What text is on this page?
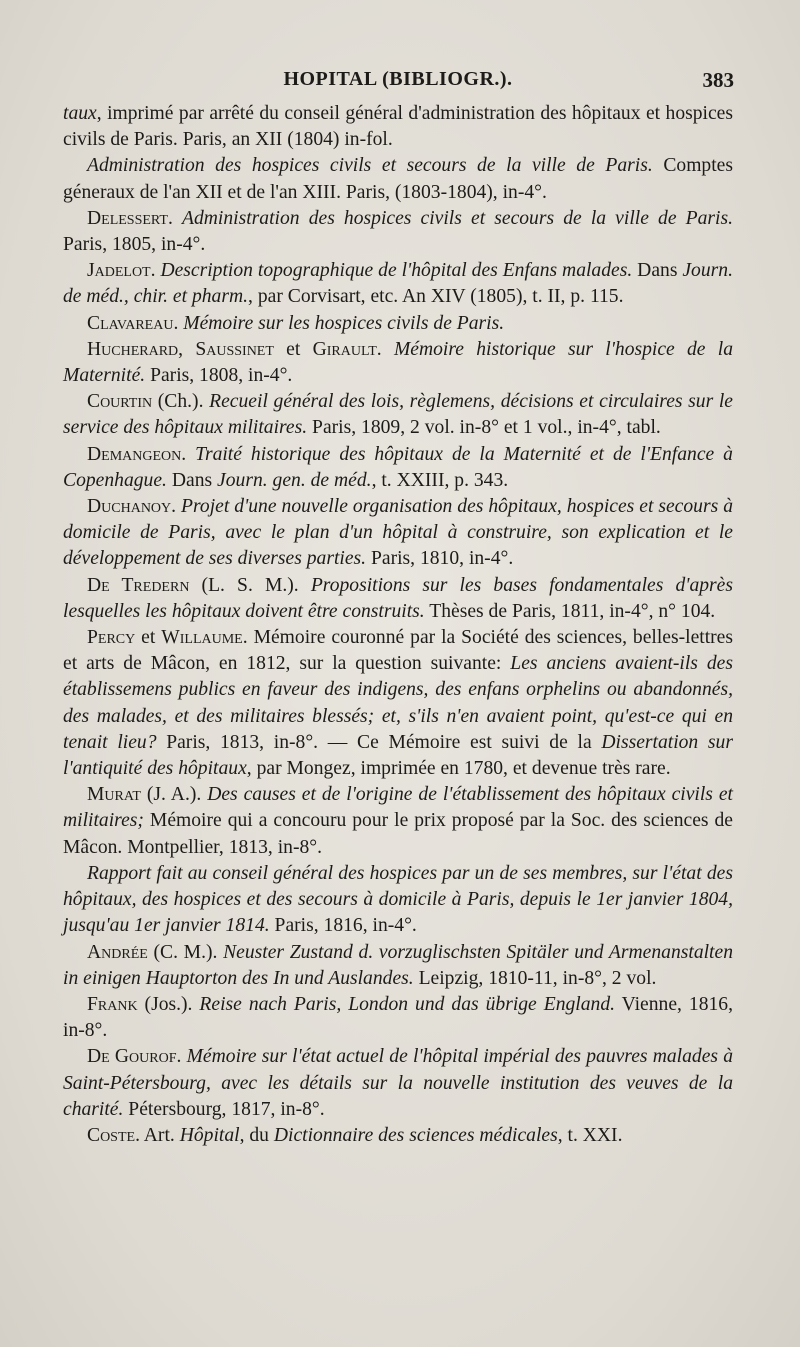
HOPITAL (BIBLIOGR.).	383

taux, imprimé par arrêté du conseil général d'administration des hôpitaux et hospices civils de Paris. Paris, an XII (1804) in-fol.

Administration des hospices civils et secours de la ville de Paris. Comptes géneraux de l'an XII et de l'an XIII. Paris, (1803-1804), in-4°.

Delessert. Administration des hospices civils et secours de la ville de Paris. Paris, 1805, in-4°.

Jadelot. Description topographique de l'hôpital des Enfans malades. Dans Journ. de méd., chir. et pharm., par Corvisart, etc. An XIV (1805), t. II, p. 115.

Clavareau. Mémoire sur les hospices civils de Paris.

Hucherard, Saussinet et Girault. Mémoire historique sur l'hospice de la Maternité. Paris, 1808, in-4°.

Courtin (Ch.). Recueil général des lois, règlemens, décisions et circulaires sur le service des hôpitaux militaires. Paris, 1809, 2 vol. in-8° et 1 vol., in-4°, tabl.

Demangeon. Traité historique des hôpitaux de la Maternité et de l'Enfance à Copenhague. Dans Journ. gen. de méd., t. XXIII, p. 343.

Duchanoy. Projet d'une nouvelle organisation des hôpitaux, hospices et secours à domicile de Paris, avec le plan d'un hôpital à construire, son explication et le développement de ses diverses parties. Paris, 1810, in-4°.

De Tredern (L. S. M.). Propositions sur les bases fondamentales d'après lesquelles les hôpitaux doivent être construits. Thèses de Paris, 1811, in-4°, n° 104.

Percy et Willaume. Mémoire couronné par la Société des sciences, belles-lettres et arts de Mâcon, en 1812, sur la question suivante: Les anciens avaient-ils des établissemens publics en faveur des indigens, des enfans orphelins ou abandonnés, des malades, et des militaires blessés; et, s'ils n'en avaient point, qu'est-ce qui en tenait lieu? Paris, 1813, in-8°. — Ce Mémoire est suivi de la Dissertation sur l'antiquité des hôpitaux, par Mongez, imprimée en 1780, et devenue très rare.

Murat (J. A.). Des causes et de l'origine de l'établissement des hôpitaux civils et militaires; Mémoire qui a concouru pour le prix proposé par la Soc. des sciences de Mâcon. Montpellier, 1813, in-8°.

Rapport fait au conseil général des hospices par un de ses membres, sur l'état des hôpitaux, des hospices et des secours à domicile à Paris, depuis le 1er janvier 1804, jusqu'au 1er janvier 1814. Paris, 1816, in-4°.

Andrée (C. M.). Neuster Zustand d. vorzuglischsten Spitäler und Armenanstalten in einigen Hauptorton des In und Auslandes. Leipzig, 1810-11, in-8°, 2 vol.

Frank (Jos.). Reise nach Paris, London und das übrige England. Vienne, 1816, in-8°.

De Gourof. Mémoire sur l'état actuel de l'hôpital impérial des pauvres malades à Saint-Pétersbourg, avec les détails sur la nouvelle institution des veuves de la charité. Pétersbourg, 1817, in-8°.

Coste. Art. Hôpital, du Dictionnaire des sciences médicales, t. XXI.
